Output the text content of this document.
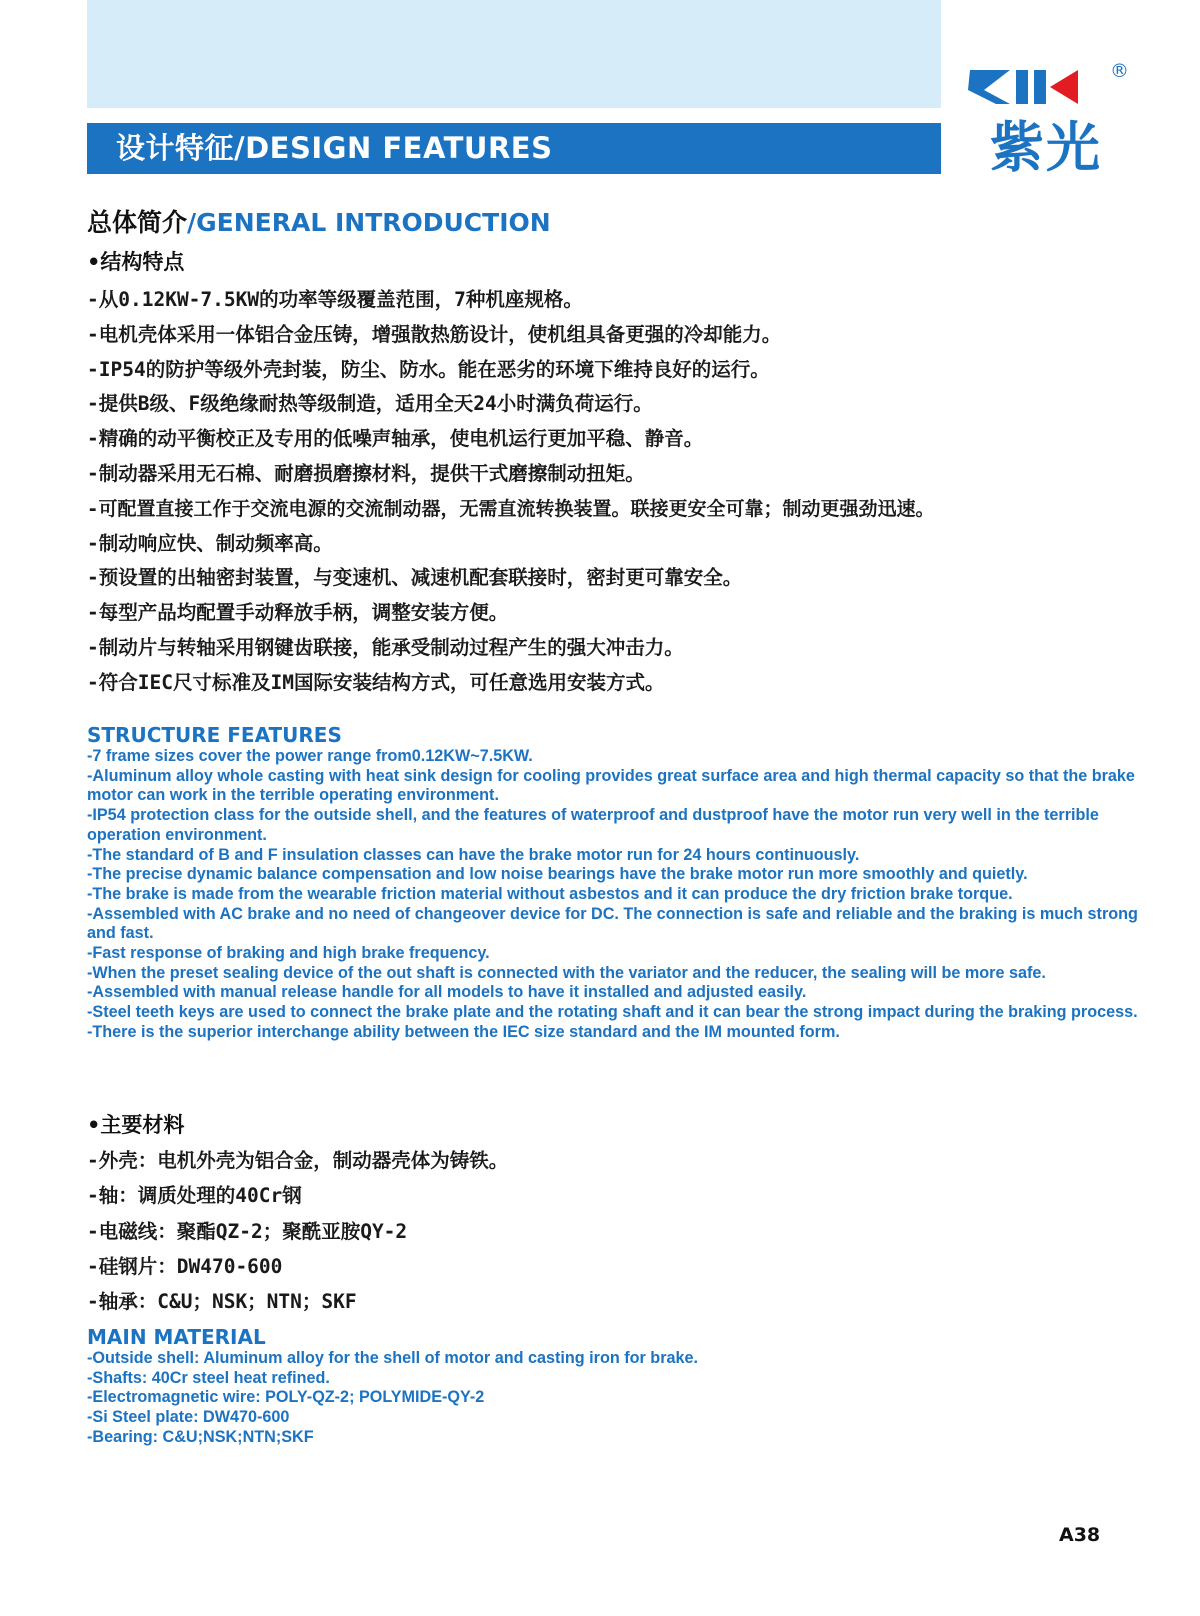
设计特征/DESIGN FEATURES
®
紫光
总体简介/GENERAL INTRODUCTION
•结构特点
-从0.12KW-7.5KW的功率等级覆盖范围，7种机座规格。
-电机壳体采用一体铝合金压铸，增强散热筋设计，使机组具备更强的冷却能力。
-IP54的防护等级外壳封装，防尘、防水。能在恶劣的环境下维持良好的运行。
-提供B级、F级绝缘耐热等级制造，适用全天24小时满负荷运行。
-精确的动平衡校正及专用的低噪声轴承，使电机运行更加平稳、静音。
-制动器采用无石棉、耐磨损磨擦材料，提供干式磨擦制动扭矩。
-可配置直接工作于交流电源的交流制动器，无需直流转换装置。联接更安全可靠；制动更强劲迅速。
-制动响应快、制动频率高。
-预设置的出轴密封装置，与变速机、减速机配套联接时，密封更可靠安全。
-每型产品均配置手动释放手柄，调整安装方便。
-制动片与转轴采用钢键齿联接，能承受制动过程产生的强大冲击力。
-符合IEC尺寸标准及IM国际安装结构方式，可任意选用安装方式。
STRUCTURE FEATURES

-7 frame sizes cover the power range from0.12KW~7.5KW.

-Aluminum alloy whole casting with heat sink design for cooling provides great surface area and high thermal capacity so that the brake motor can work in the terrible operating environment.

-IP54 protection class for the outside shell, and the features of waterproof and dustproof have the motor run very well in the terrible operation environment.

-The standard of B and F insulation classes can have the brake motor run for 24 hours continuously.

-The precise dynamic balance compensation and low noise bearings have the brake motor run more smoothly and quietly.

-The brake is made from the wearable friction material without asbestos and it can produce the dry friction brake torque.

-Assembled with AC brake and no need of changeover device for DC. The connection is safe and reliable and the braking is much strong and fast.

-Fast response of braking and high brake frequency.

-When the preset sealing device of the out shaft is connected with the variator and the reducer, the sealing will be more safe.

-Assembled with manual release handle for all models to have it installed and adjusted easily.

-Steel teeth keys are used to connect the brake plate and the rotating shaft and it can bear the strong impact during the braking process.

-There is the superior interchange ability between the IEC size standard and the IM mounted form.

•主要材料
-外壳：电机外壳为铝合金，制动器壳体为铸铁。
-轴：调质处理的40Cr钢
-电磁线：聚酯QZ-2；聚酰亚胺QY-2
-硅钢片：DW470-600
-轴承：C&U；NSK；NTN；SKF
MAIN MATERIAL

-Outside shell: Aluminum alloy for the shell of motor and casting iron for brake.

-Shafts: 40Cr steel heat refined.

-Electromagnetic wire: POLY-QZ-2; POLYMIDE-QY-2

-Si Steel plate: DW470-600

-Bearing: C&U;NSK;NTN;SKF

A38
